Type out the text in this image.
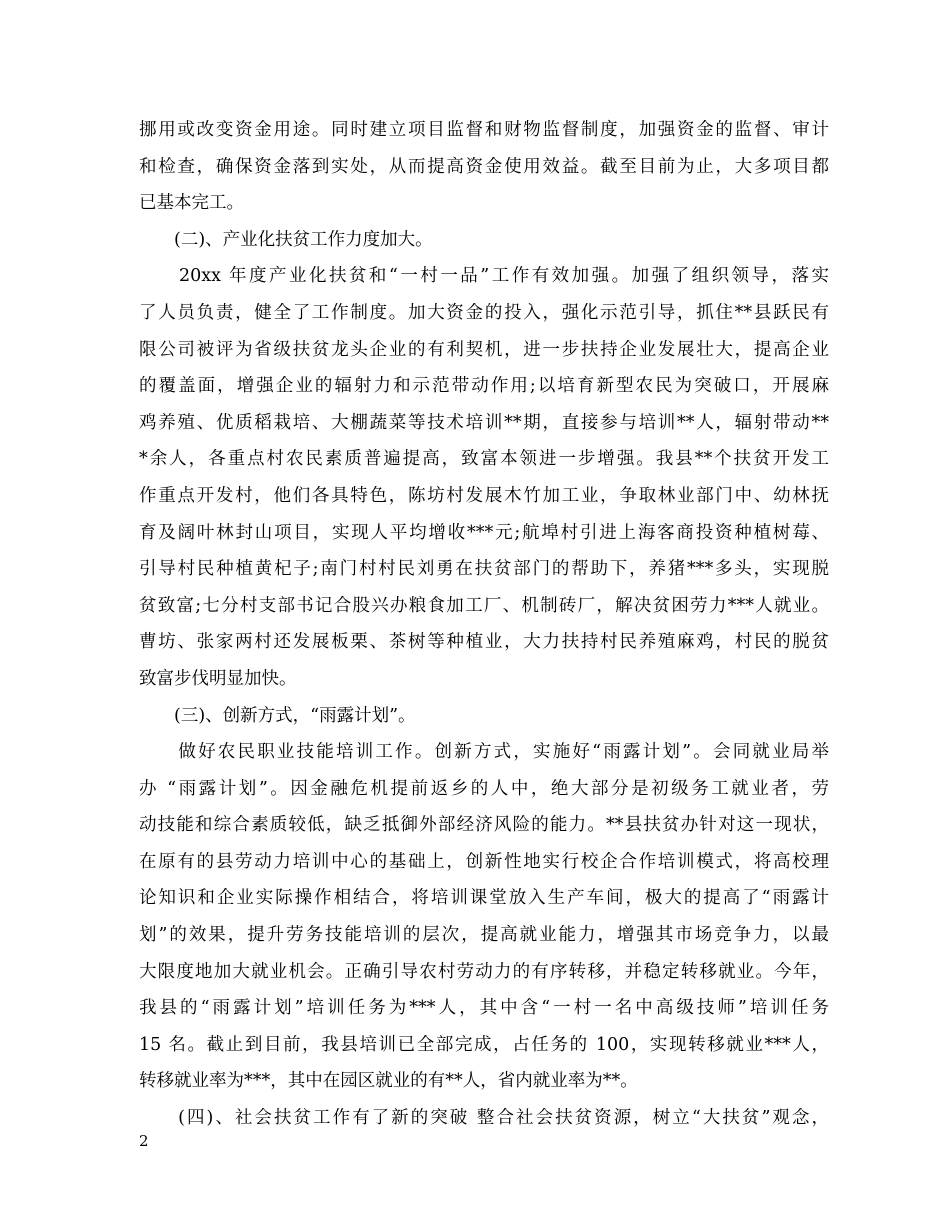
挪用或改变资金用途。同时建立项目监督和财物监督制度，加强资金的监督、审计
和检查，确保资金落到实处，从而提高资金使用效益。截至目前为止，大多项目都
已基本完工。
　　(二)、产业化扶贫工作力度加大。
　　20xx 年度产业化扶贫和“一村一品”工作有效加强。加强了组织领导，落实
了人员负责，健全了工作制度。加大资金的投入，强化示范引导，抓住**县跃民有
限公司被评为省级扶贫龙头企业的有利契机，进一步扶持企业发展壮大，提高企业
的覆盖面，增强企业的辐射力和示范带动作用;以培育新型农民为突破口，开展麻
鸡养殖、优质稻栽培、大棚蔬菜等技术培训**期，直接参与培训**人，辐射带动**
*余人，各重点村农民素质普遍提高，致富本领进一步增强。我县**个扶贫开发工
作重点开发村，他们各具特色，陈坊村发展木竹加工业，争取林业部门中、幼林抚
育及阔叶林封山项目，实现人平均增收***元;航埠村引进上海客商投资种植树莓、
引导村民种植黄杞子;南门村村民刘勇在扶贫部门的帮助下，养猪***多头，实现脱
贫致富;七分村支部书记合股兴办粮食加工厂、机制砖厂，解决贫困劳力***人就业。
曹坊、张家两村还发展板栗、茶树等种植业，大力扶持村民养殖麻鸡，村民的脱贫
致富步伐明显加快。
　　(三)、创新方式，“雨露计划”。
　　做好农民职业技能培训工作。创新方式，实施好“雨露计划”。会同就业局举
办 “雨露计划”。因金融危机提前返乡的人中，绝大部分是初级务工就业者，劳
动技能和综合素质较低，缺乏抵御外部经济风险的能力。**县扶贫办针对这一现状，
在原有的县劳动力培训中心的基础上，创新性地实行校企合作培训模式，将高校理
论知识和企业实际操作相结合，将培训课堂放入生产车间，极大的提高了“雨露计
划”的效果，提升劳务技能培训的层次，提高就业能力，增强其市场竞争力，以最
大限度地加大就业机会。正确引导农村劳动力的有序转移，并稳定转移就业。今年，
我县的“雨露计划”培训任务为***人，其中含“一村一名中高级技师”培训任务
15 名。截止到目前，我县培训已全部完成，占任务的 100，实现转移就业***人，
转移就业率为***，其中在园区就业的有**人，省内就业率为**。
　　(四)、社会扶贫工作有了新的突破 整合社会扶贫资源，树立“大扶贫”观念，
2
